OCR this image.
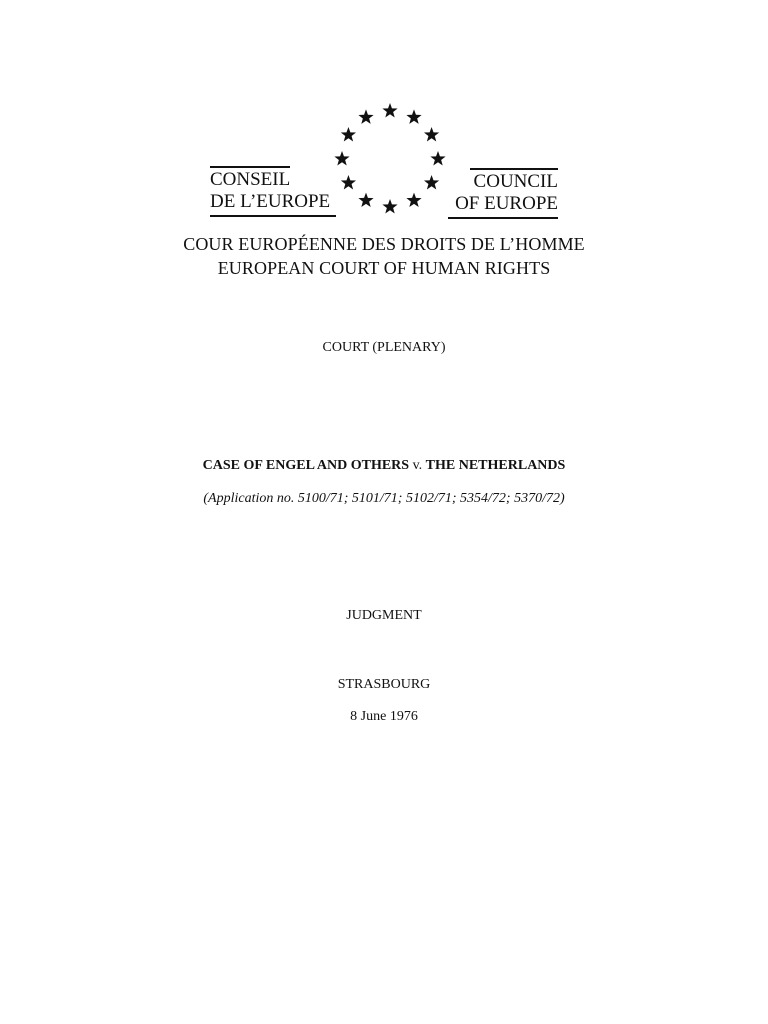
CONSEIL
DE L’EUROPE
COUNCIL
OF EUROPE
COUR EUROPÉENNE DES DROITS DE L’HOMME
EUROPEAN COURT OF HUMAN RIGHTS
COURT (PLENARY)
CASE OF ENGEL AND OTHERS v. THE NETHERLANDS
(Application no. 5100/71; 5101/71; 5102/71; 5354/72; 5370/72)
JUDGMENT
STRASBOURG
8 June 1976
